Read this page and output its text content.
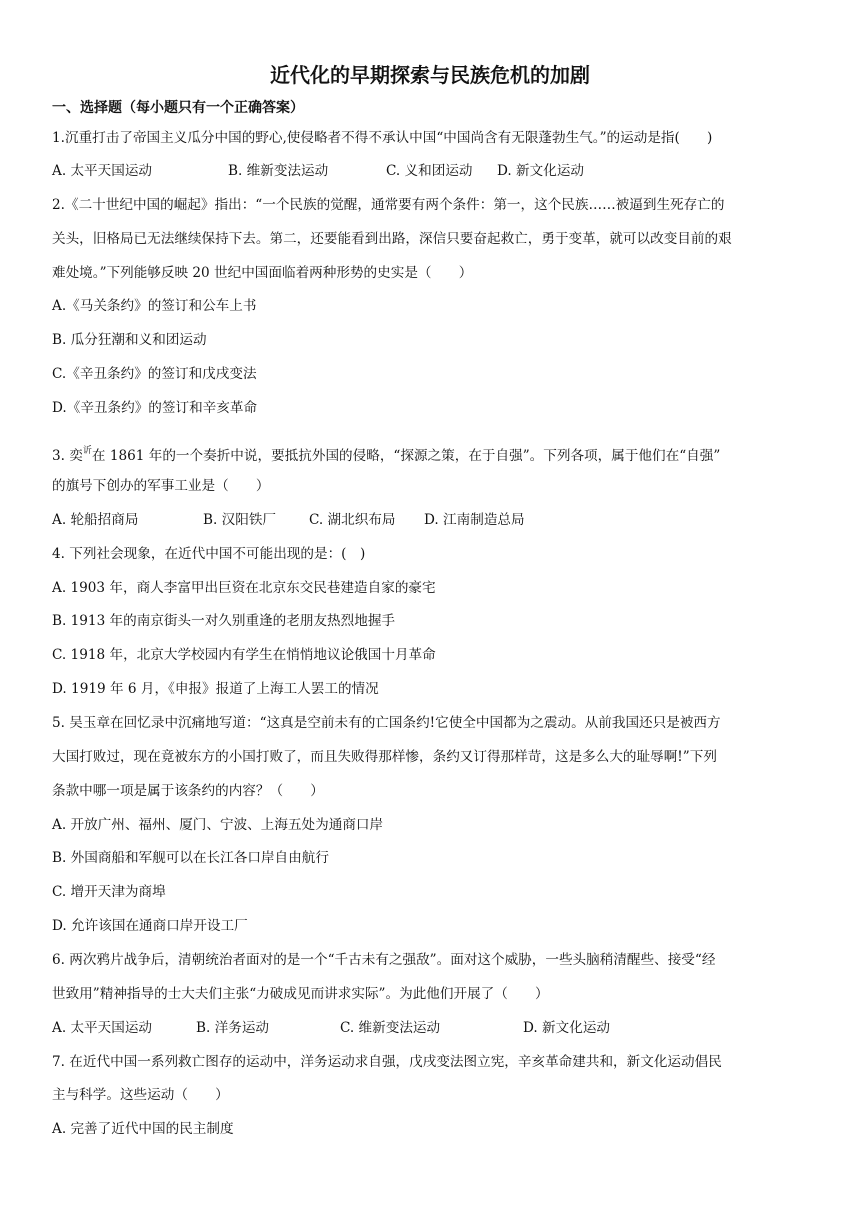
近代化的早期探索与民族危机的加剧
一、选择题（每小题只有一个正确答案）
1.沉重打击了帝国主义瓜分中国的野心,使侵略者不得不承认中国“中国尚含有无限蓬勃生气。”的运动是指(　　)
A. 太平天国运动	B. 维新变法运动	C. 义和团运动 D. 新文化运动
2.《二十世纪中国的崛起》指出：“一个民族的觉醒，通常要有两个条件：第一，这个民族……被逼到生死存亡的
关头，旧格局已无法继续保持下去。第二，还要能看到出路，深信只要奋起救亡，勇于变革，就可以改变目前的艰
难处境。”下列能够反映 20 世纪中国面临着两种形势的史实是（　　）
A.《马关条约》的签订和公车上书
B. 瓜分狂潮和义和团运动
C.《辛丑条约》的签订和戊戌变法
D.《辛丑条约》的签订和辛亥革命
3. 奕$^䜣$在 1861 年的一个奏折中说，要抵抗外国的侵略，“探源之策，在于自强”。下列各项，属于他们在“自强”
的旗号下创办的军事工业是（　　）
A. 轮船招商局	B. 汉阳铁厂 C. 湖北织布局 D. 江南制造总局
4. 下列社会现象，在近代中国不可能出现的是：(　)
A. 1903 年，商人李富甲出巨资在北京东交民巷建造自家的豪宅
B. 1913 年的南京街头一对久别重逢的老朋友热烈地握手
C. 1918 年，北京大学校园内有学生在悄悄地议论俄国十月革命
D. 1919 年 6 月，《申报》报道了上海工人罢工的情况
5. 吴玉章在回忆录中沉痛地写道：“这真是空前未有的亡国条约!它使全中国都为之震动。从前我国还只是被西方
大国打败过，现在竟被东方的小国打败了，而且失败得那样惨，条约又订得那样苛，这是多么大的耻辱啊!”下列
条款中哪一项是属于该条约的内容？（　　）
A. 开放广州、福州、厦门、宁波、上海五处为通商口岸
B. 外国商船和军舰可以在长江各口岸自由航行
C. 增开天津为商埠
D. 允许该国在通商口岸开设工厂
6. 两次鸦片战争后，清朝统治者面对的是一个“千古未有之强敌”。面对这个威胁，一些头脑稍清醒些、接受“经
世致用”精神指导的士大夫们主张“力破成见而讲求实际”。为此他们开展了（　　）
A. 太平天国运动	B. 洋务运动	C. 维新变法运动	D. 新文化运动
7. 在近代中国一系列救亡图存的运动中，洋务运动求自强，戊戌变法图立宪，辛亥革命建共和，新文化运动倡民
主与科学。这些运动（　　）
A. 完善了近代中国的民主制度
